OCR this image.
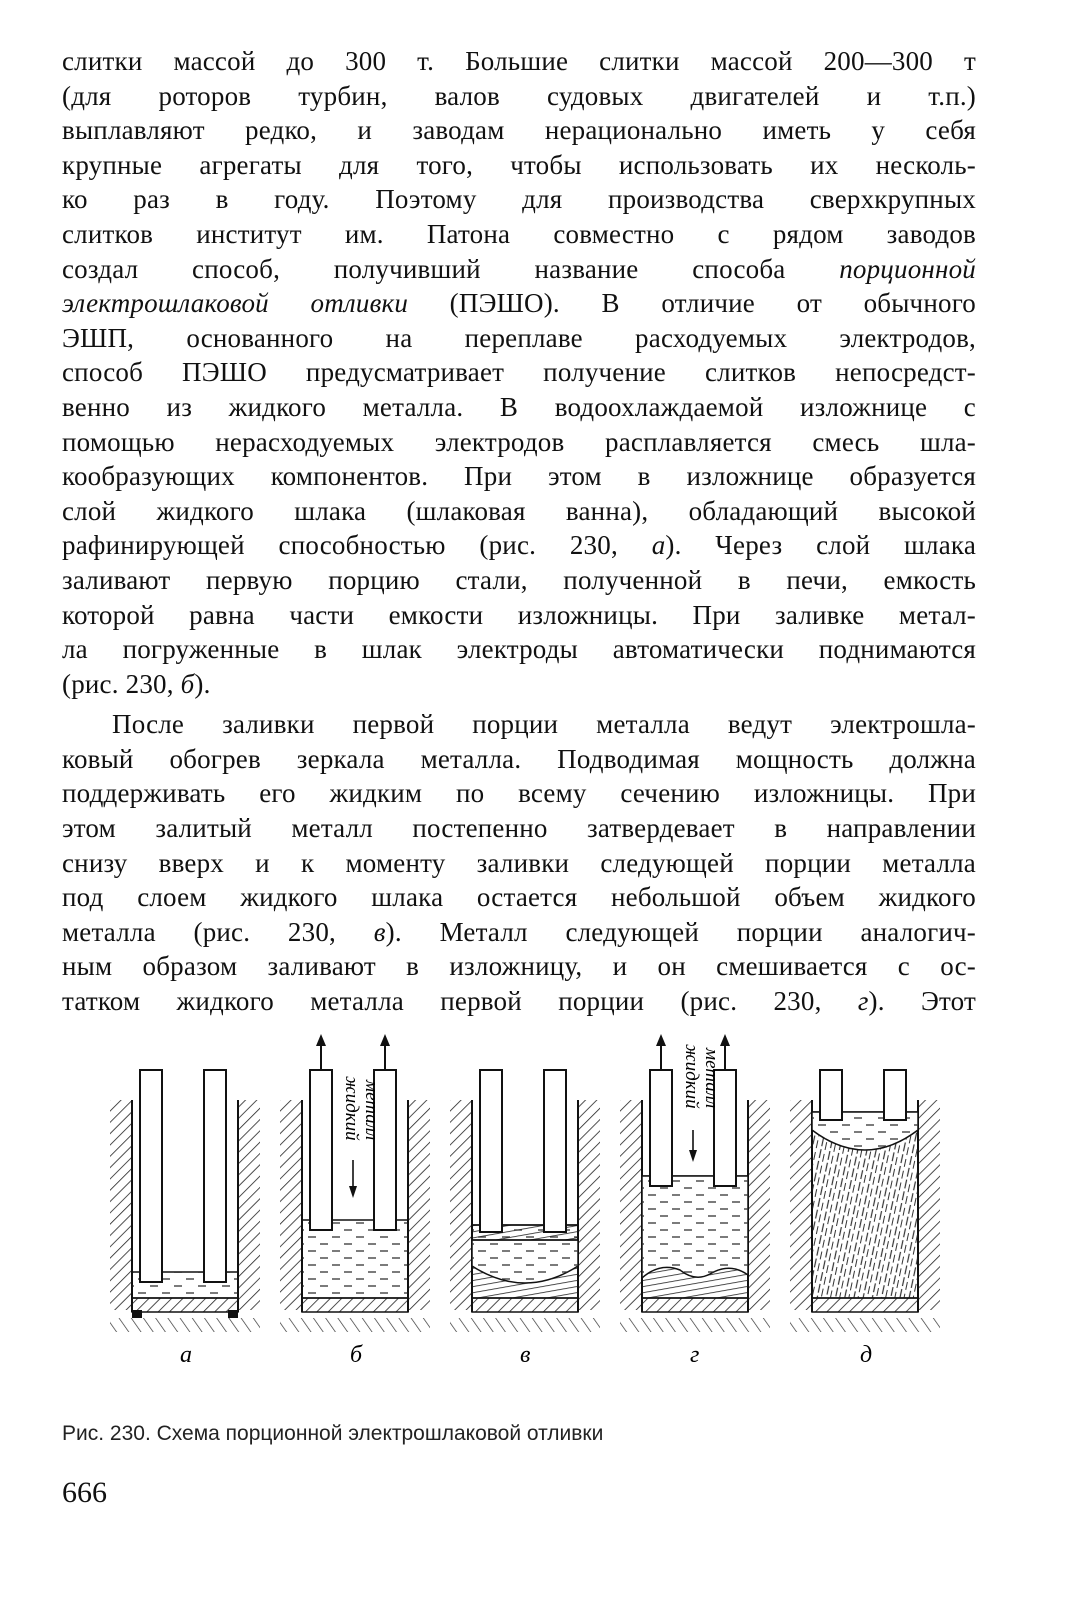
слитки массой до 300 т. Большие слитки массой 200—300 т
(для роторов турбин, валов судовых двигателей и т.п.)
выплавляют редко, и заводам нерационально иметь у себя
крупные агрегаты для того, чтобы использовать их несколь-
ко раз в году. Поэтому для производства сверхкрупных
слитков институт им. Патона совместно с рядом заводов
создал способ, получивший название способа порционной
электрошлаковой отливки (ПЭШО). В отличие от обычного
ЭШП, основанного на переплаве расходуемых электродов,
способ ПЭШО предусматривает получение слитков непосредст-
венно из жидкого металла. В водоохлаждаемой изложнице с
помощью нерасходуемых электродов расплавляется смесь шла-
кообразующих компонентов. При этом в изложнице образуется
слой жидкого шлака (шлаковая ванна), обладающий высокой
рафинирующей способностью (рис. 230, а). Через слой шлака
заливают первую порцию стали, полученной в печи, емкость
которой равна части емкости изложницы. При заливке метал-
ла погруженные в шлак электроды автоматически поднимаются
(рис. 230, б).
После заливки первой порции металла ведут электрошла-
ковый обогрев зеркала металла. Подводимая мощность должна
поддерживать его жидким по всему сечению изложницы. При
этом залитый металл постепенно затвердевает в направлении
снизу вверх и к моменту заливки следующей порции металла
под слоем жидкого шлака остается небольшой объем жидкого
металла (рис. 230, в). Металл следующей порции аналогич-
ным образом заливают в изложницу, и он смешивается с ос-
татком жидкого металла первой порции (рис. 230, г). Этот
жидкий металл
жидкий металл
а	б	в	г	д
Рис. 230. Схема порционной электрошлаковой отливки
666
